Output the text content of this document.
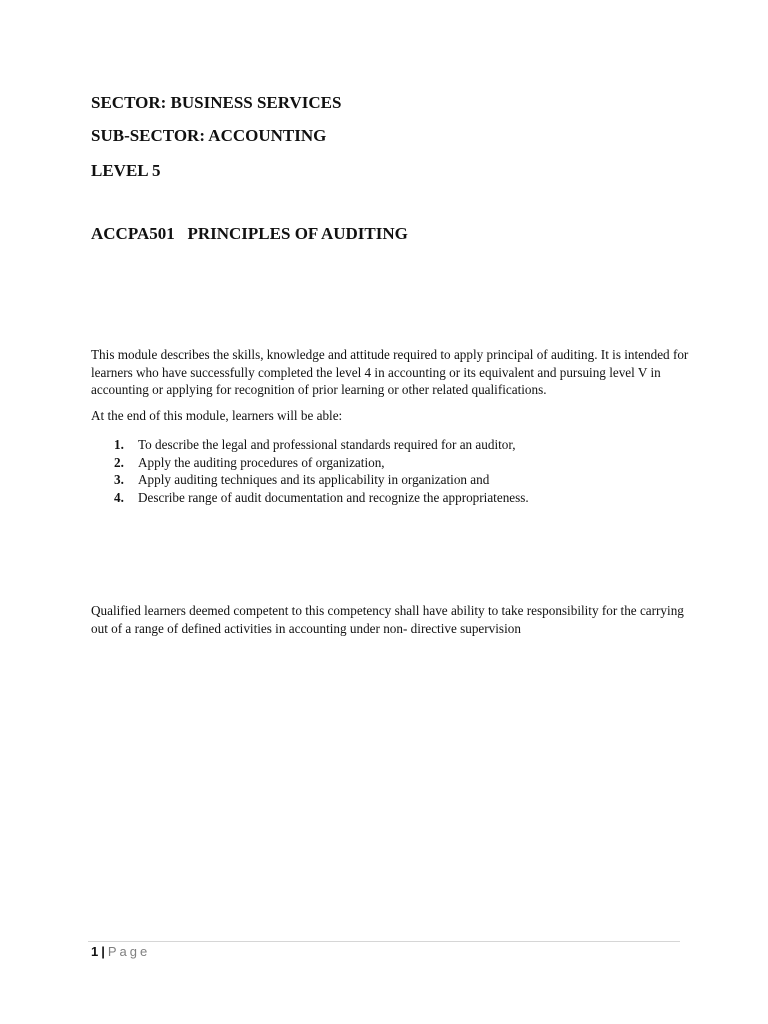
SECTOR: BUSINESS SERVICES
SUB-SECTOR: ACCOUNTING
LEVEL 5
ACCPA501   PRINCIPLES OF AUDITING

This module describes the skills, knowledge and attitude required to apply principal of auditing. It is intended for learners who have successfully completed the level 4 in accounting or its equivalent and pursuing level V in accounting or applying for recognition of prior learning or other related qualifications.

At the end of this module, learners will be able:

1. To describe the legal and professional standards required for an auditor,
2. Apply the auditing procedures of organization,
3. Apply auditing techniques and its applicability in organization and
4. Describe range of audit documentation and recognize the appropriateness.

Qualified learners deemed competent to this competency shall have ability to take responsibility for the carrying out of a range of defined activities in accounting under non- directive supervision

1 | Page
